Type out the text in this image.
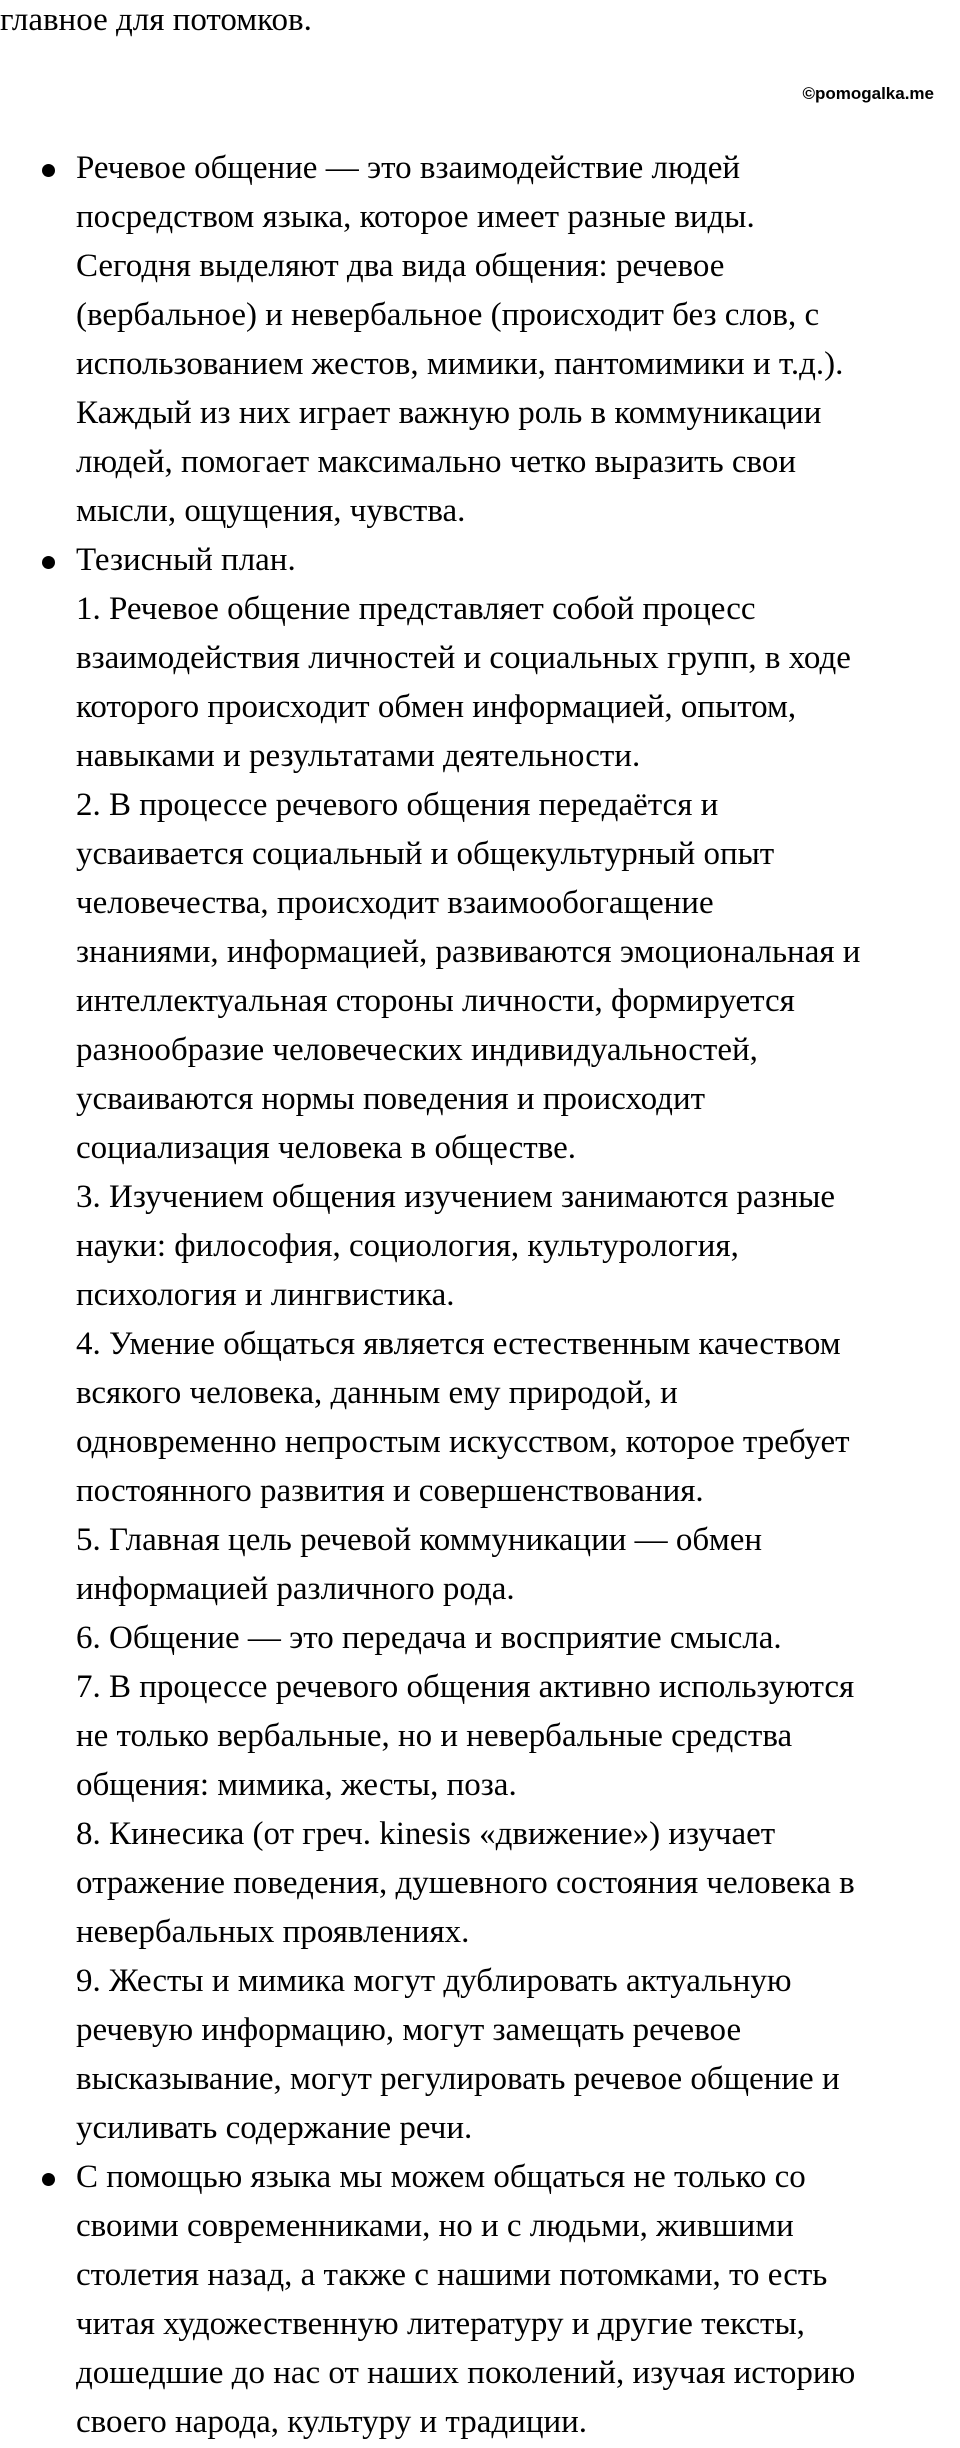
главное для потомков.
©pomogalka.me
Речевое общение — это взаимодействие людей
посредством языка, которое имеет разные виды.
Сегодня выделяют два вида общения: речевое
(вербальное) и невербальное (происходит без слов, с
использованием жестов, мимики, пантомимики и т.д.).
Каждый из них играет важную роль в коммуникации
людей, помогает максимально четко выразить свои
мысли, ощущения, чувства.
Тезисный план.
1. Речевое общение представляет собой процесс
взаимодействия личностей и социальных групп, в ходе
которого происходит обмен информацией, опытом,
навыками и результатами деятельности.
2. В процессе речевого общения передаётся и
усваивается социальный и общекультурный опыт
человечества, происходит взаимообогащение
знаниями, информацией, развиваются эмоциональная и
интеллектуальная стороны личности, формируется
разнообразие человеческих индивидуальностей,
усваиваются нормы поведения и происходит
социализация человека в обществе.
3. Изучением общения изучением занимаются разные
науки: философия, социология, культурология,
психология и лингвистика.
4. Умение общаться является естественным качеством
всякого человека, данным ему природой, и
одновременно непростым искусством, которое требует
постоянного развития и совершенствования.
5. Главная цель речевой коммуникации — обмен
информацией различного рода.
6. Общение — это передача и восприятие смысла.
7. В процессе речевого общения активно используются
не только вербальные, но и невербальные средства
общения: мимика, жесты, поза.
8. Кинесика (от греч. kinesis «движение») изучает
отражение поведения, душевного состояния человека в
невербальных проявлениях.
9. Жесты и мимика могут дублировать актуальную
речевую информацию, могут замещать речевое
высказывание, могут регулировать речевое общение и
усиливать содержание речи.
С помощью языка мы можем общаться не только со
своими современниками, но и с людьми, жившими
столетия назад, а также с нашими потомками, то есть
читая художественную литературу и другие тексты,
дошедшие до нас от наших поколений, изучая историю
своего народа, культуру и традиции.
